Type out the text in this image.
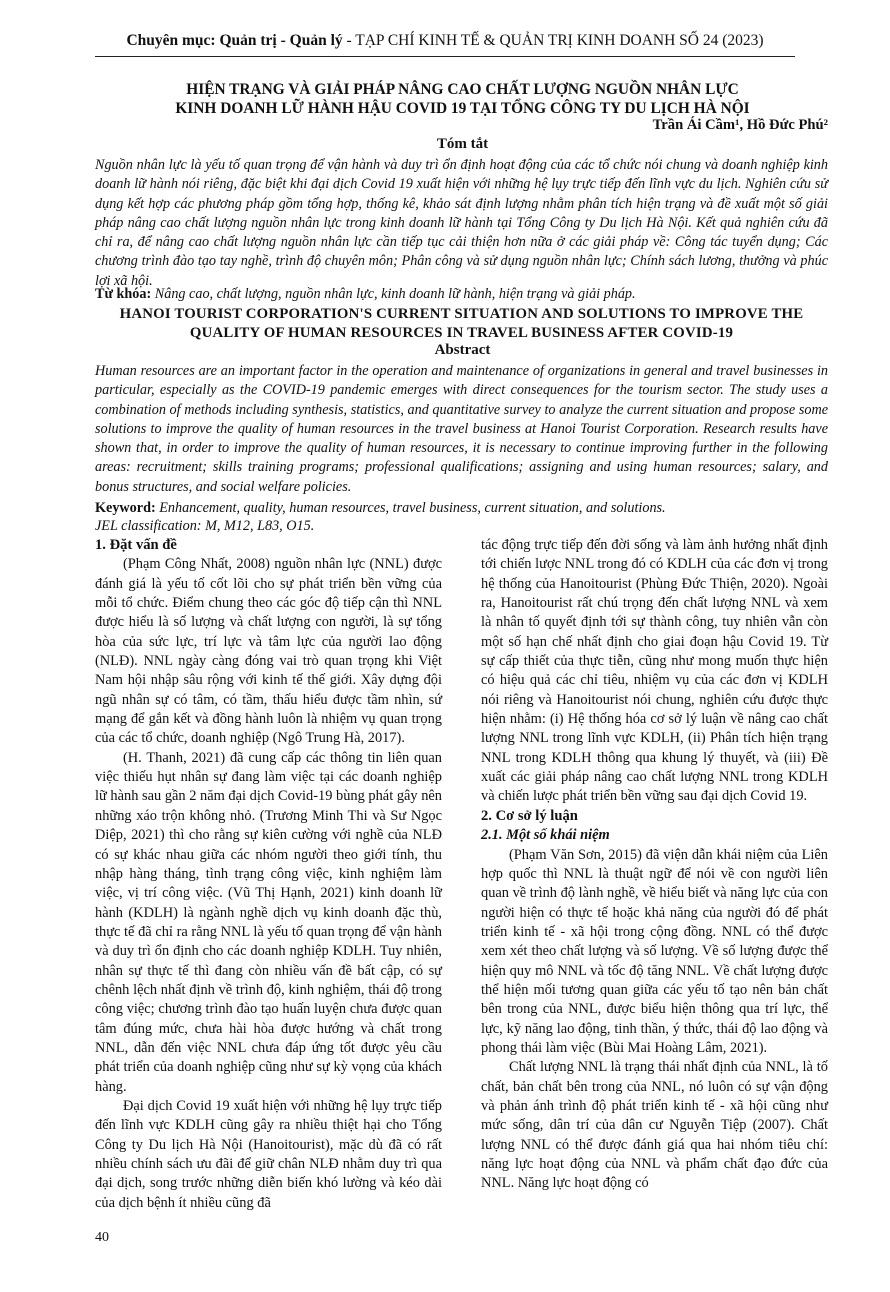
Chuyên mục: Quản trị - Quản lý - TẠP CHÍ KINH TẾ & QUẢN TRỊ KINH DOANH SỐ 24 (2023)
HIỆN TRẠNG VÀ GIẢI PHÁP NÂNG CAO CHẤT LƯỢNG NGUỒN NHÂN LỰC
KINH DOANH LỮ HÀNH HẬU COVID 19 TẠI TỔNG CÔNG TY DU LỊCH HÀ NỘI
Trần Ái Cầm¹, Hồ Đức Phú²
Tóm tắt

Nguồn nhân lực là yếu tố quan trọng để vận hành và duy trì ổn định hoạt động của các tổ chức nói chung và doanh nghiệp kinh doanh lữ hành nói riêng, đặc biệt khi đại dịch Covid 19 xuất hiện với những hệ lụy trực tiếp đến lĩnh vực du lịch. Nghiên cứu sử dụng kết hợp các phương pháp gồm tổng hợp, thống kê, khảo sát định lượng nhằm phân tích hiện trạng và đề xuất một số giải pháp nâng cao chất lượng nguồn nhân lực trong kinh doanh lữ hành tại Tổng Công ty Du lịch Hà Nội. Kết quả nghiên cứu đã chỉ ra, để nâng cao chất lượng nguồn nhân lực cần tiếp tục cải thiện hơn nữa ở các giải pháp về: Công tác tuyển dụng; Các chương trình đào tạo tay nghề, trình độ chuyên môn; Phân công và sử dụng nguồn nhân lực; Chính sách lương, thưởng và phúc lợi xã hội.

Từ khóa: Nâng cao, chất lượng, nguồn nhân lực, kinh doanh lữ hành, hiện trạng và giải pháp.
HANOI TOURIST CORPORATION'S CURRENT SITUATION AND SOLUTIONS TO IMPROVE THE
QUALITY OF HUMAN RESOURCES IN TRAVEL BUSINESS AFTER COVID-19
Abstract

Human resources are an important factor in the operation and maintenance of organizations in general and travel businesses in particular, especially as the COVID-19 pandemic emerges with direct consequences for the tourism sector. The study uses a combination of methods including synthesis, statistics, and quantitative survey to analyze the current situation and propose some solutions to improve the quality of human resources in the travel business at Hanoi Tourist Corporation. Research results have shown that, in order to improve the quality of human resources, it is necessary to continue improving further in the following areas: recruitment; skills training programs; professional qualifications; assigning and using human resources; salary, and bonus structures, and social welfare policies.

Keyword: Enhancement, quality, human resources, travel business, current situation, and solutions.
JEL classification: M, M12, L83, O15.
1. Đặt vấn đề

(Phạm Công Nhất, 2008) nguồn nhân lực (NNL) được đánh giá là yếu tố cốt lõi cho sự phát triển bền vững của mỗi tổ chức. Điểm chung theo các góc độ tiếp cận thì NNL được hiểu là số lượng và chất lượng con người, là sự tổng hòa của sức lực, trí lực và tâm lực của người lao động (NLĐ). NNL ngày càng đóng vai trò quan trọng khi Việt Nam hội nhập sâu rộng với kinh tế thế giới. Xây dựng đội ngũ nhân sự có tâm, có tầm, thấu hiểu được tầm nhìn, sứ mạng để gắn kết và đồng hành luôn là nhiệm vụ quan trọng của các tổ chức, doanh nghiệp (Ngô Trung Hà, 2017).

(H. Thanh, 2021) đã cung cấp các thông tin liên quan việc thiếu hụt nhân sự đang làm việc tại các doanh nghiệp lữ hành sau gần 2 năm đại dịch Covid-19 bùng phát gây nên những xáo trộn không nhỏ. (Trương Minh Thi và Sư Ngọc Diệp, 2021) thì cho rằng sự kiên cường với nghề của NLĐ có sự khác nhau giữa các nhóm người theo giới tính, thu nhập hàng tháng, tình trạng công việc, kinh nghiệm làm việc, vị trí công việc. (Vũ Thị Hạnh, 2021) kinh doanh lữ hành (KDLH) là ngành nghề dịch vụ kinh doanh đặc thù, thực tế đã chỉ ra rằng NNL là yếu tố quan trọng để vận hành và duy trì ổn định cho các doanh nghiệp KDLH. Tuy nhiên, nhân sự thực tế thì đang còn nhiều vấn đề bất cập, có sự chênh lệch nhất định về trình độ, kinh nghiệm, thái độ trong công việc; chương trình đào tạo huấn luyện chưa được quan tâm đúng mức, chưa hài hòa được hướng và chất trong NNL, dẫn đến việc NNL chưa đáp ứng tốt được yêu cầu phát triển của doanh nghiệp cũng như sự kỳ vọng của khách hàng.

Đại dịch Covid 19 xuất hiện với những hệ lụy trực tiếp đến lĩnh vực KDLH cũng gây ra nhiều thiệt hại cho Tổng Công ty Du lịch Hà Nội (Hanoitourist), mặc dù đã có rất nhiều chính sách ưu đãi để giữ chân NLĐ nhằm duy trì qua đại dịch, song trước những diễn biến khó lường và kéo dài của dịch bệnh ít nhiều cũng đã

tác động trực tiếp đến đời sống và làm ảnh hưởng nhất định tới chiến lược NNL trong đó có KDLH của các đơn vị trong hệ thống của Hanoitourist (Phùng Đức Thiện, 2020). Ngoài ra, Hanoitourist rất chú trọng đến chất lượng NNL và xem là nhân tố quyết định tới sự thành công, tuy nhiên vẫn còn một số hạn chế nhất định cho giai đoạn hậu Covid 19. Từ sự cấp thiết của thực tiễn, cũng như mong muốn thực hiện có hiệu quả các chỉ tiêu, nhiệm vụ của các đơn vị KDLH nói riêng và Hanoitourist nói chung, nghiên cứu được thực hiện nhằm: (i) Hệ thống hóa cơ sở lý luận về nâng cao chất lượng NNL trong lĩnh vực KDLH, (ii) Phân tích hiện trạng NNL trong KDLH thông qua khung lý thuyết, và (iii) Đề xuất các giải pháp nâng cao chất lượng NNL trong KDLH và chiến lược phát triển bền vững sau đại dịch Covid 19.

2. Cơ sở lý luận
2.1. Một số khái niệm

(Phạm Văn Sơn, 2015) đã viện dẫn khái niệm của Liên hợp quốc thì NNL là thuật ngữ để nói về con người liên quan về trình độ lành nghề, về hiểu biết và năng lực của con người hiện có thực tế hoặc khả năng của người đó để phát triển kinh tế - xã hội trong cộng đồng. NNL có thể được xem xét theo chất lượng và số lượng. Về số lượng được thể hiện quy mô NNL và tốc độ tăng NNL. Về chất lượng được thể hiện mối tương quan giữa các yếu tố tạo nên bản chất bên trong của NNL, được biểu hiện thông qua trí lực, thể lực, kỹ năng lao động, tinh thần, ý thức, thái độ lao động và phong thái làm việc (Bùi Mai Hoàng Lâm, 2021).

Chất lượng NNL là trạng thái nhất định của NNL, là tố chất, bản chất bên trong của NNL, nó luôn có sự vận động và phản ánh trình độ phát triển kinh tế - xã hội cũng như mức sống, dân trí của dân cư Nguyễn Tiệp (2007). Chất lượng NNL có thể được đánh giá qua hai nhóm tiêu chí: năng lực hoạt động của NNL và phẩm chất đạo đức của NNL. Năng lực hoạt động có

40
